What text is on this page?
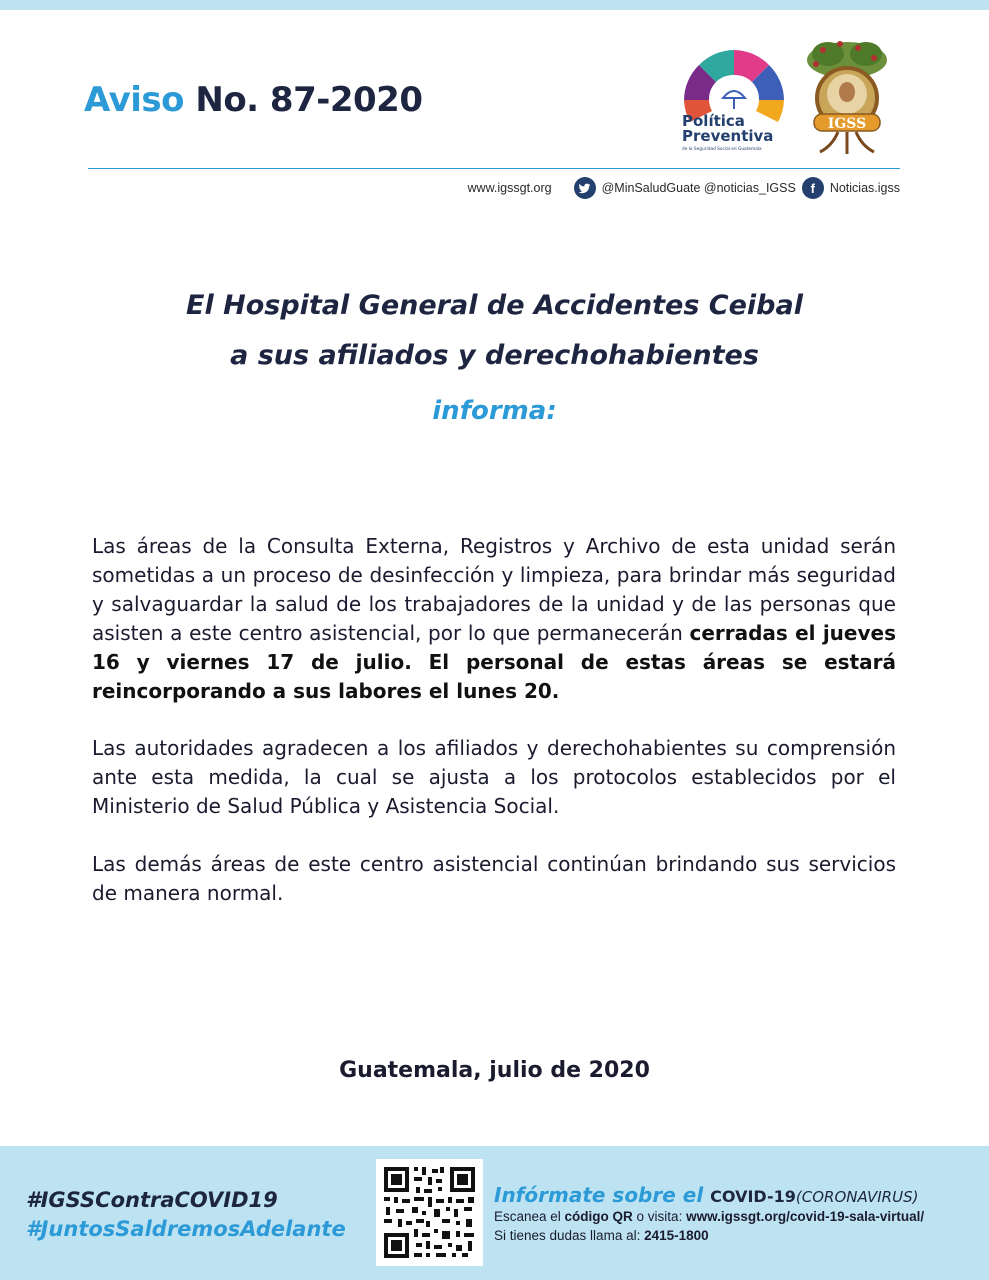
Aviso No. 87-2020
Política
Preventiva
de la Seguridad Social en Guatemala
IGSS
www.igssgt.org	@MinSaludGuate @noticias_IGSS	f	Noticias.igss
El Hospital General de Accidentes Ceibal
a sus afiliados y derechohabientes
informa:
Las áreas de la Consulta Externa, Registros y Archivo de esta unidad serán sometidas a un proceso de desinfección y limpieza, para brindar más seguridad y salvaguardar la salud de los trabajadores de la unidad y de las personas que asisten a este centro asistencial, por lo que permanecerán cerradas el jueves 16 y viernes 17 de julio. El personal de estas áreas se estará reincorporando a sus labores el lunes 20.
Las autoridades agradecen a los afiliados y derechohabientes su comprensión ante esta medida, la cual se ajusta a los protocolos establecidos por el Ministerio de Salud Pública y Asistencia Social.
Las demás áreas de este centro asistencial continúan brindando sus servicios de manera normal.
Guatemala, julio de 2020
#IGSSContraCOVID19
#JuntosSaldremosAdelante
Infórmate sobre el COVID-19(CORONAVIRUS)
Escanea el código QR o visita: www.igssgt.org/covid-19-sala-virtual/
Si tienes dudas llama al: 2415-1800
